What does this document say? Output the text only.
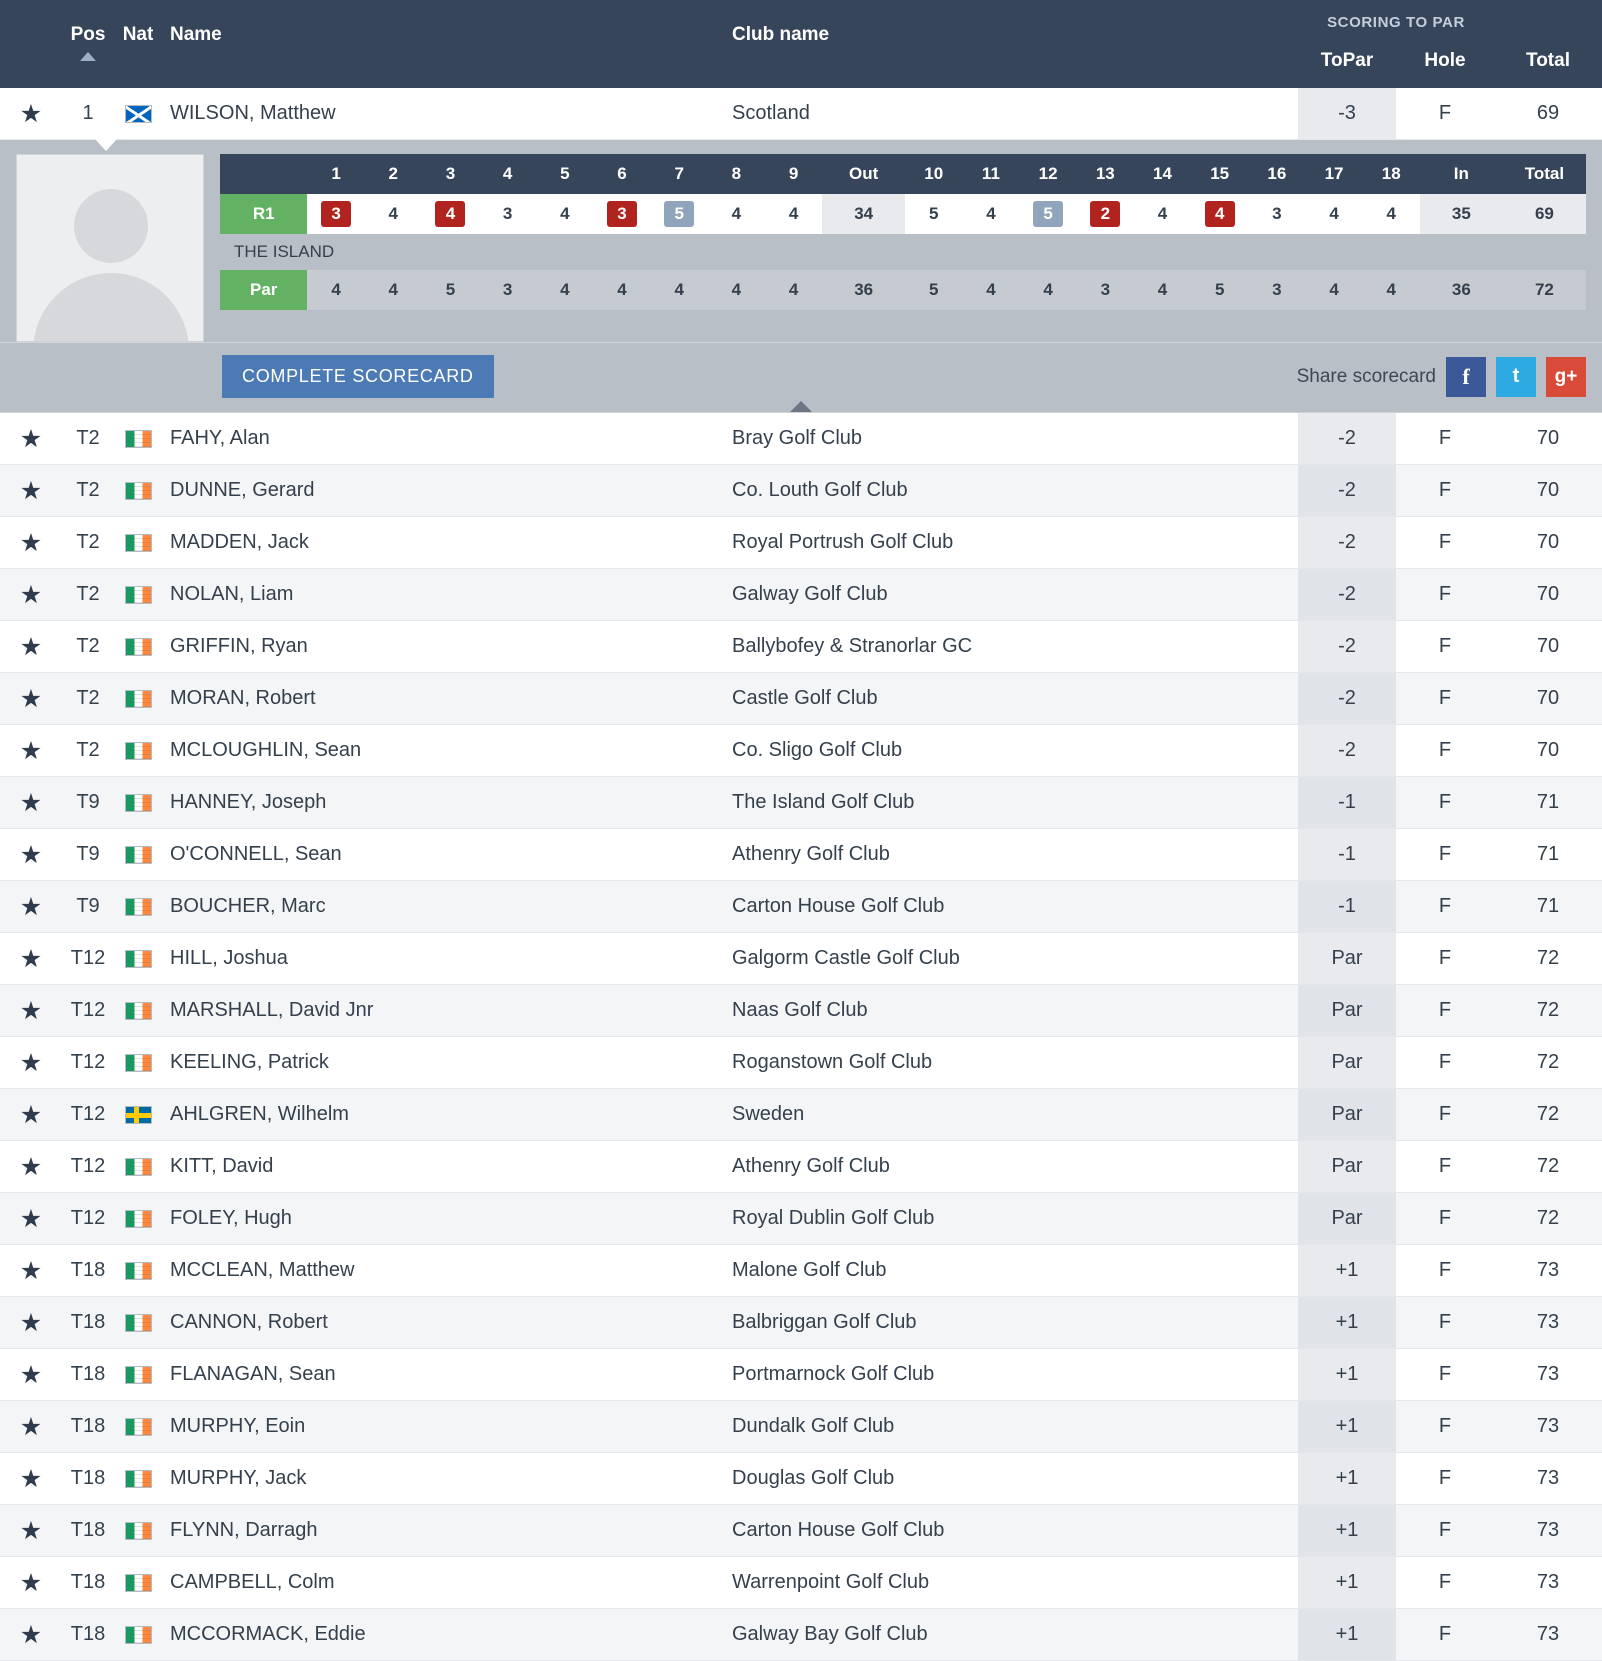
Pos Nat Name	Club name
SCORING TO PAR
ToPar	Hole	Total
★	1	WILSON, Matthew	Scotland	-3	F	69
	1	2	3	4	5	6	7	8	9	Out	10	11	12	13	14	15	16	17	18	In	Total
R1	3	4	4	3	4	3	5	4	4	34	5	4	5	2	4	4	3	4	4	35	69
THE ISLAND																					
Par	4	4	5	3	4	4	4	4	4	36	5	4	4	3	4	5	3	4	4	36	72
COMPLETE SCORECARD	Share scorecard	f	t	g+
★	T2	FAHY, Alan	Bray Golf Club	-2	F	70
★	T2	DUNNE, Gerard	Co. Louth Golf Club	-2	F	70
★	T2	MADDEN, Jack	Royal Portrush Golf Club	-2	F	70
★	T2	NOLAN, Liam	Galway Golf Club	-2	F	70
★	T2	GRIFFIN, Ryan	Ballybofey & Stranorlar GC	-2	F	70
★	T2	MORAN, Robert	Castle Golf Club	-2	F	70
★	T2	MCLOUGHLIN, Sean	Co. Sligo Golf Club	-2	F	70
★	T9	HANNEY, Joseph	The Island Golf Club	-1	F	71
★	T9	O'CONNELL, Sean	Athenry Golf Club	-1	F	71
★	T9	BOUCHER, Marc	Carton House Golf Club	-1	F	71
★	T12	HILL, Joshua	Galgorm Castle Golf Club	Par	F	72
★	T12	MARSHALL, David Jnr	Naas Golf Club	Par	F	72
★	T12	KEELING, Patrick	Roganstown Golf Club	Par	F	72
★	T12	AHLGREN, Wilhelm	Sweden	Par	F	72
★	T12	KITT, David	Athenry Golf Club	Par	F	72
★	T12	FOLEY, Hugh	Royal Dublin Golf Club	Par	F	72
★	T18	MCCLEAN, Matthew	Malone Golf Club	+1	F	73
★	T18	CANNON, Robert	Balbriggan Golf Club	+1	F	73
★	T18	FLANAGAN, Sean	Portmarnock Golf Club	+1	F	73
★	T18	MURPHY, Eoin	Dundalk Golf Club	+1	F	73
★	T18	MURPHY, Jack	Douglas Golf Club	+1	F	73
★	T18	FLYNN, Darragh	Carton House Golf Club	+1	F	73
★	T18	CAMPBELL, Colm	Warrenpoint Golf Club	+1	F	73
★	T18	MCCORMACK, Eddie	Galway Bay Golf Club	+1	F	73
